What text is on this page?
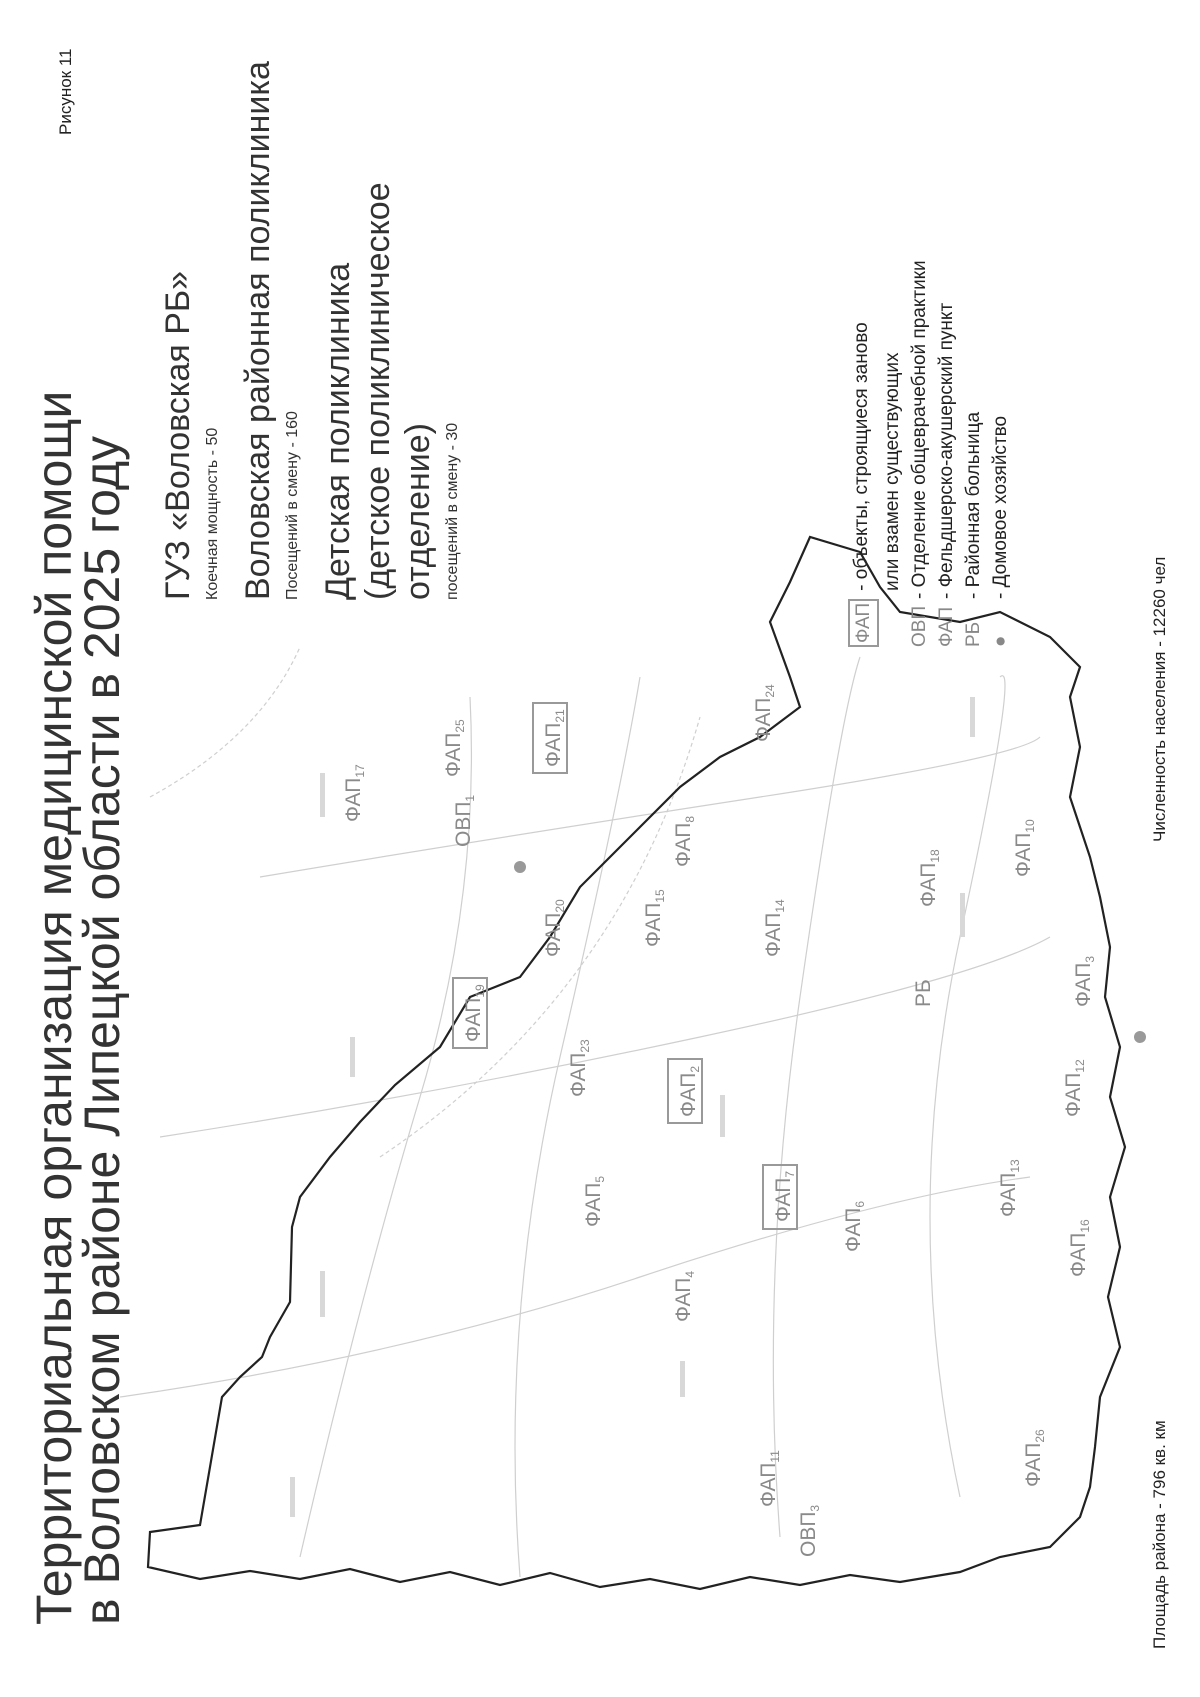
Рисунок 11
Территориальная организация медицинской помощи
в Воловском районе Липецкой области в 2025 году	ФАП26
ОВП3
ФАП11
ФАП16
ФАП13
ФАП6
ФАП4
ФАП5	ФАП7
ФАП12
ФАП3
РБ
ФАП2
ФАП23
ФАП19
ФАП14
ФАП15
ФАП20	ФАП18	ФАП10
ФАП8
ОВП1
ФАП17
ФАП21
ФАП25	ФАП24
ГУЗ «Воловская РБ» Коечная мощность - 50 Воловская районная поликлиника Посещений в смену - 160 Детская поликлиника (детское поликлиническое отделение) посещений в смену - 30
ФАП
- объекты, строящиеся заново или взамен существующих
ОВП
- Отделение общеврачебной практики
ФАП
- Фельдшерско-акушерский пункт
РБ
- Районная больница
●
- Домовое хозяйство
Площадь района - 796 кв. км
Численность населения - 12260 чел
